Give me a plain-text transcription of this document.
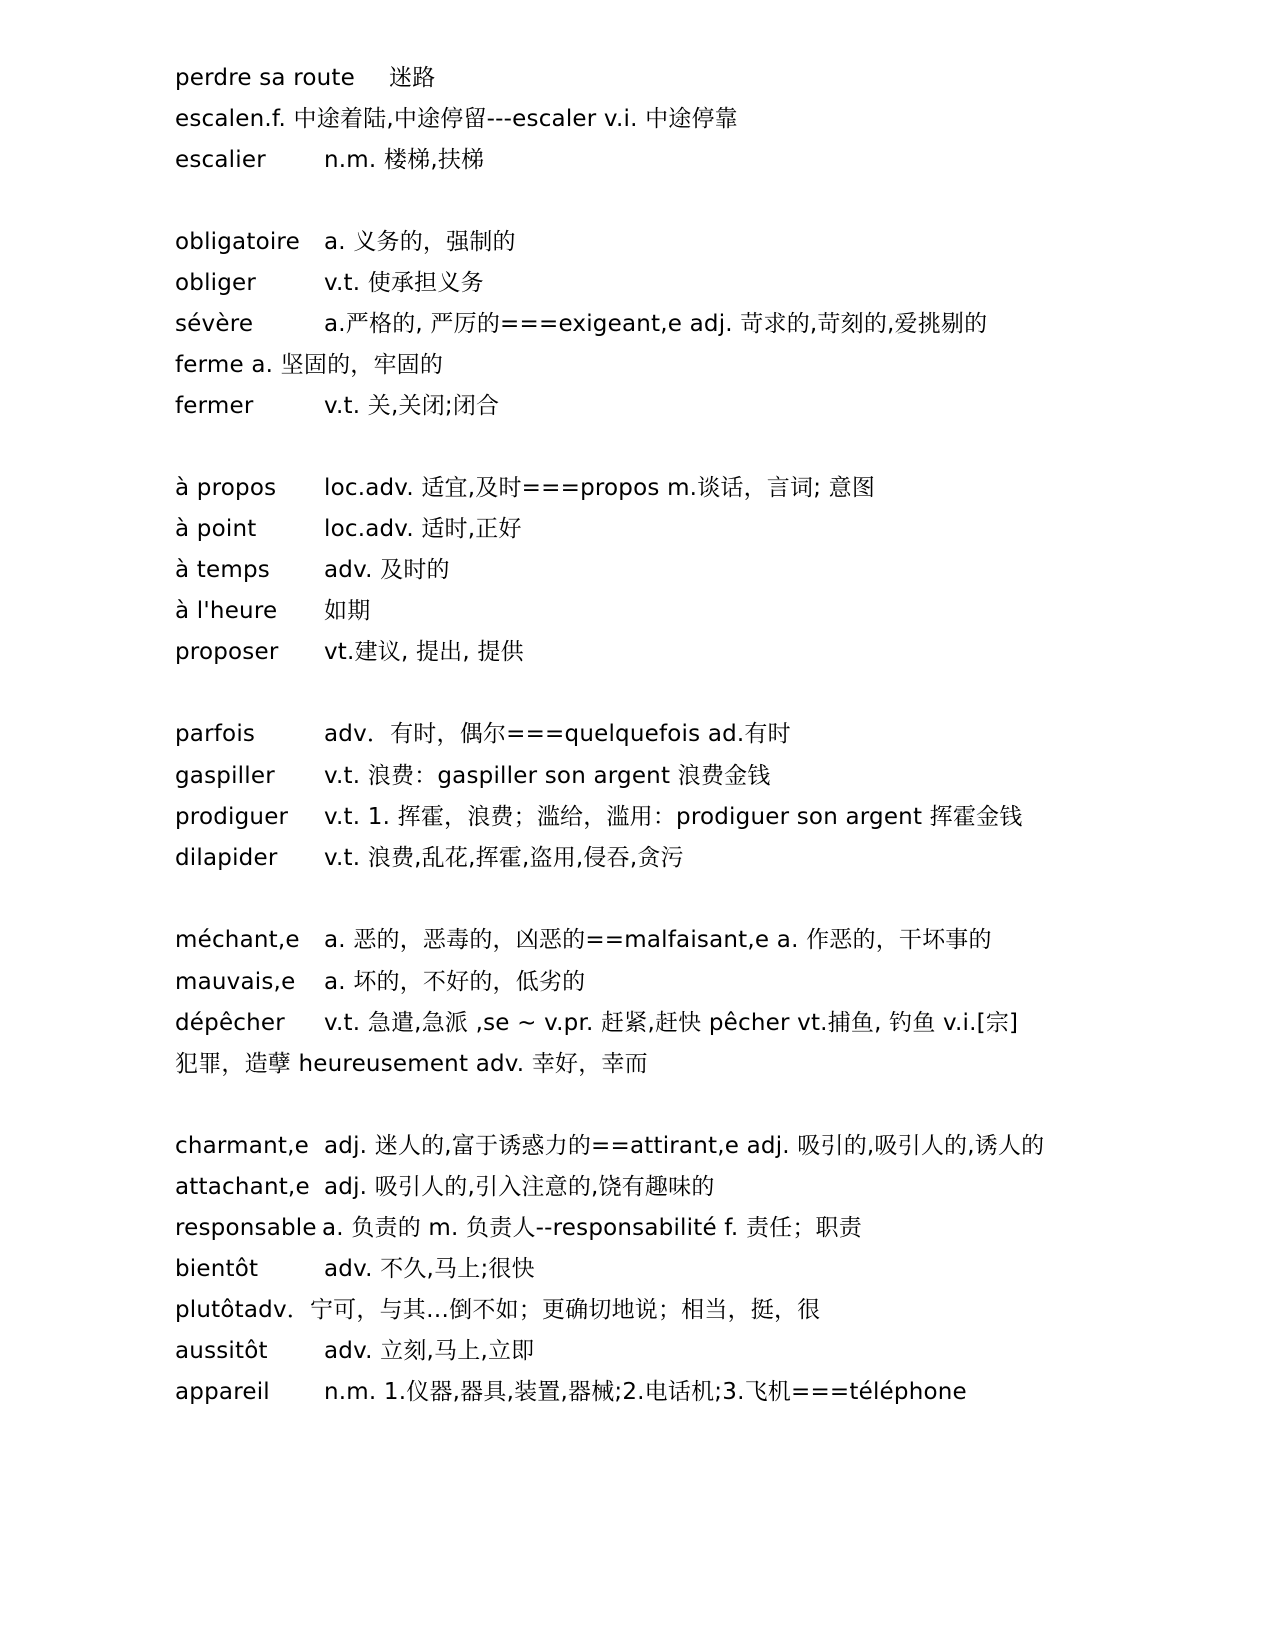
perdre sa route 迷路
escalen.f. 中途着陆,中途停留---escaler v.i. 中途停靠
escalier	n.m. 楼梯,扶梯
obligatoire a. 义务的，强制的
obliger	v.t. 使承担义务
sévère	a.严格的, 严厉的===exigeant,e adj. 苛求的,苛刻的,爱挑剔的
ferme a. 坚固的，牢固的
fermer	v.t. 关,关闭;闭合
à propos loc.adv. 适宜,及时===propos m.谈话，言词; 意图
à point	loc.adv. 适时,正好
à temps adv. 及时的
à l'heure 如期
proposer vt.建议, 提出, 提供
parfois	adv．有时，偶尔===quelquefois ad.有时
gaspiller v.t. 浪费：gaspiller son argent 浪费金钱
prodiguer v.t. 1. 挥霍，浪费；滥给，滥用：prodiguer son argent 挥霍金钱
dilapider v.t. 浪费,乱花,挥霍,盗用,侵吞,贪污
méchant,e a. 恶的，恶毒的，凶恶的==malfaisant,e a. 作恶的，干坏事的
mauvais,e a. 坏的，不好的，低劣的
dépêcher v.t. 急遣,急派 ,se ~ v.pr. 赶紧,赶快 pêcher vt.捕鱼, 钓鱼 v.i.[宗]
犯罪，造孽 heureusement adv. 幸好，幸而
charmant,e adj. 迷人的,富于诱惑力的==attirant,e adj. 吸引的,吸引人的,诱人的
attachant,e adj. 吸引人的,引入注意的,饶有趣味的
responsable a. 负责的 m. 负责人--responsabilité f. 责任；职责
bientôt	adv. 不久,马上;很快
plutôtadv．宁可，与其…倒不如；更确切地说；相当，挺，很
aussitôt adv. 立刻,马上,立即
appareil n.m. 1.仪器,器具,装置,器械;2.电话机;3.飞机===téléphone
